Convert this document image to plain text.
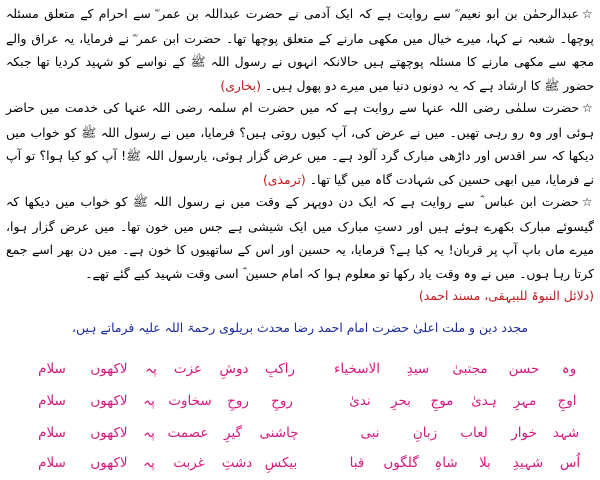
☆عبدالرحمٰن بن ابو نعیم ؓ سے روایت ہے کہ ایک آدمی نے حضرت عبداللہ بن عمر ؓ سے احرام کے متعلق مسئلہ پوچھا۔ شعبہ نے کہا، میرے خیال میں مکھی مارنے کے متعلق پوچھا تھا۔ حضرت ابن عمر ؓ نے فرمایا، یہ عراق والے مجھ سے مکھی مارنے کا مسئلہ پوچھتے ہیں حالانکہ انہوں نے رسول اللہ ﷺ کے نواسے کو شہید کردیا تھا جبکہ حضور ﷺ کا ارشاد ہے کہ یہ دونوں دنیا میں میرے دو پھول ہیں۔ (بخاری)
☆حضرت سلمٰی رضی اللہ عنہا سے روایت ہے کہ میں حضرت ام سلمہ رضی اللہ عنہا کی خدمت میں حاضر ہوئی اور وہ رو رہی تھیں۔ میں نے عرض کی، آپ کیوں روتی ہیں؟ فرمایا، میں نے رسول اللہ ﷺ کو خواب میں دیکھا کہ سر اقدس اور داڑھی مبارک گرد آلود ہے۔ میں عرض گزار ہوئی، یارسول اللہ ﷺ! آپ کو کیا ہوا؟ تو آپ نے فرمایا، میں ابھی حسین کی شہادت گاہ میں گیا تھا۔ (ترمذی)
☆حضرت ابن عباس ؓ سے روایت ہے کہ ایک دن دوپہر کے وقت میں نے رسول اللہ ﷺ کو خواب میں دیکھا کہ گیسوئے مبارک بکھرے ہوئے ہیں اور دستِ مبارک میں ایک شیشی ہے جس میں خون تھا۔ میں عرض گزار ہوا، میرے ماں باپ آپ پر قربان! یہ کیا ہے؟ فرمایا، یہ حسین اور اس کے ساتھیوں کا خون ہے۔ میں دن بھر اسے جمع کرتا رہا ہوں۔ میں نے وہ وقت یاد رکھا تو معلوم ہوا کہ امام حسین ؓ اسی وقت شہید کیے گئے تھے۔
(دلائل النبوۃ للبیہقی، مسند احمد)
مجدد دین و ملت اعلیٰ حضرت امام احمد رضا محدث بریلوی رحمۃ اللہ علیہ فرماتے ہیں،
وہ
حسن
مجتبیٰ
سیدِ
الاسخیاء
راکبِ
دوشِ
عزت
پہ
لاکھوں
سلام
اوجِ
مہرِ
ہدیٰ
موجِ
بحرِ
ندیٰ
روحِ
روحِ
سخاوت
پہ
لاکھوں
سلام
شہد
خوار
لعاب
زبانِ
نبی
چاشنی
گیرِ
عصمت
پہ
لاکھوں
سلام
اُس
شہیدِ
بلا
شاہِ
گلگوں
قبا
بیکسِ
دشتِ
غربت
پہ
لاکھوں
سلام
